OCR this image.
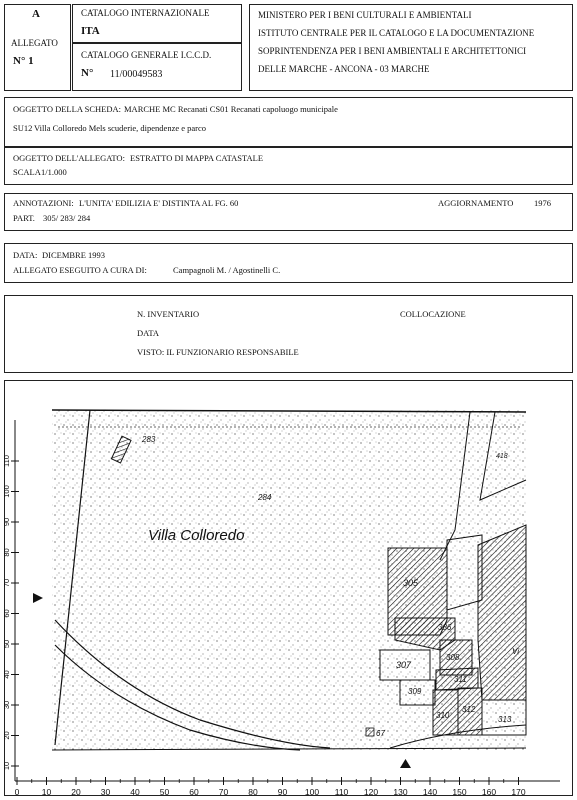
A
ALLEGATO
N° 1
CATALOGO INTERNAZIONALE
ITA
CATALOGO GENERALE I.C.C.D.
N° 11/00049583
MINISTERO PER I BENI CULTURALI E AMBIENTALI
ISTITUTO CENTRALE PER IL CATALOGO E LA DOCUMENTAZIONE
SOPRINTENDENZA PER I BENI AMBIENTALI E ARCHITETTONICI
DELLE MARCHE - ANCONA - 03 MARCHE
OGGETTO DELLA SCHEDA: MARCHE MC Recanati CS01 Recanati capoluogo municipale
SU12 Villa Colloredo Mels scuderie, dipendenze e parco
OGGETTO DELL'ALLEGATO: ESTRATTO DI MAPPA CATASTALE
SCALA 1/1.000
ANNOTAZIONI: L'UNITA' EDILIZIA E' DISTINTA AL FG. 60	AGGIORNAMENTO 1976
PART. 305/ 283/ 284
DATA: DICEMBRE 1993
ALLEGATO ESEGUITO A CURA DI:	Campagnoli M. / Agostinelli C.
N. INVENTARIO	COLLOCAZIONE
DATA
VISTO: IL FUNZIONARIO RESPONSABILE
283
284
418
305
336
308
307
309
311
310
312
313
67
Vi
Villa Colloredo
0	10 20 30 40 50 60 70 80 90 100 110 120 130 140 150 160 170
110
100
90
80
70
60
50
40
30
20
10
